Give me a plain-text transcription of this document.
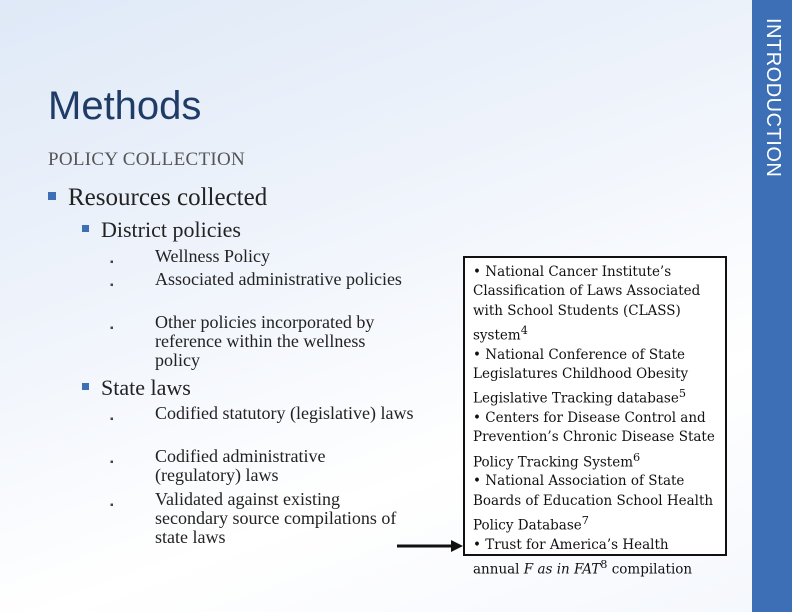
INTRODUCTION
Methods
POLICY COLLECTION
Resources collected
District policies
▪ Wellness Policy
▪ Associated administrative policies
▪ Other policies incorporated by reference within the wellness policy
State laws
▪ Codified statutory (legislative) laws
▪ Codified administrative (regulatory) laws
▪ Validated against existing secondary source compilations of state laws
• National Cancer Institute’s Classification of Laws Associated with School Students (CLASS) system$^4$
• National Conference of State Legislatures Childhood Obesity Legislative Tracking database$^5$
• Centers for Disease Control and Prevention’s Chronic Disease State Policy Tracking System$^6$
• National Association of State Boards of Education School Health Policy Database$^7$
• Trust for America’s Health annual F as in FAT$^8$ compilation
